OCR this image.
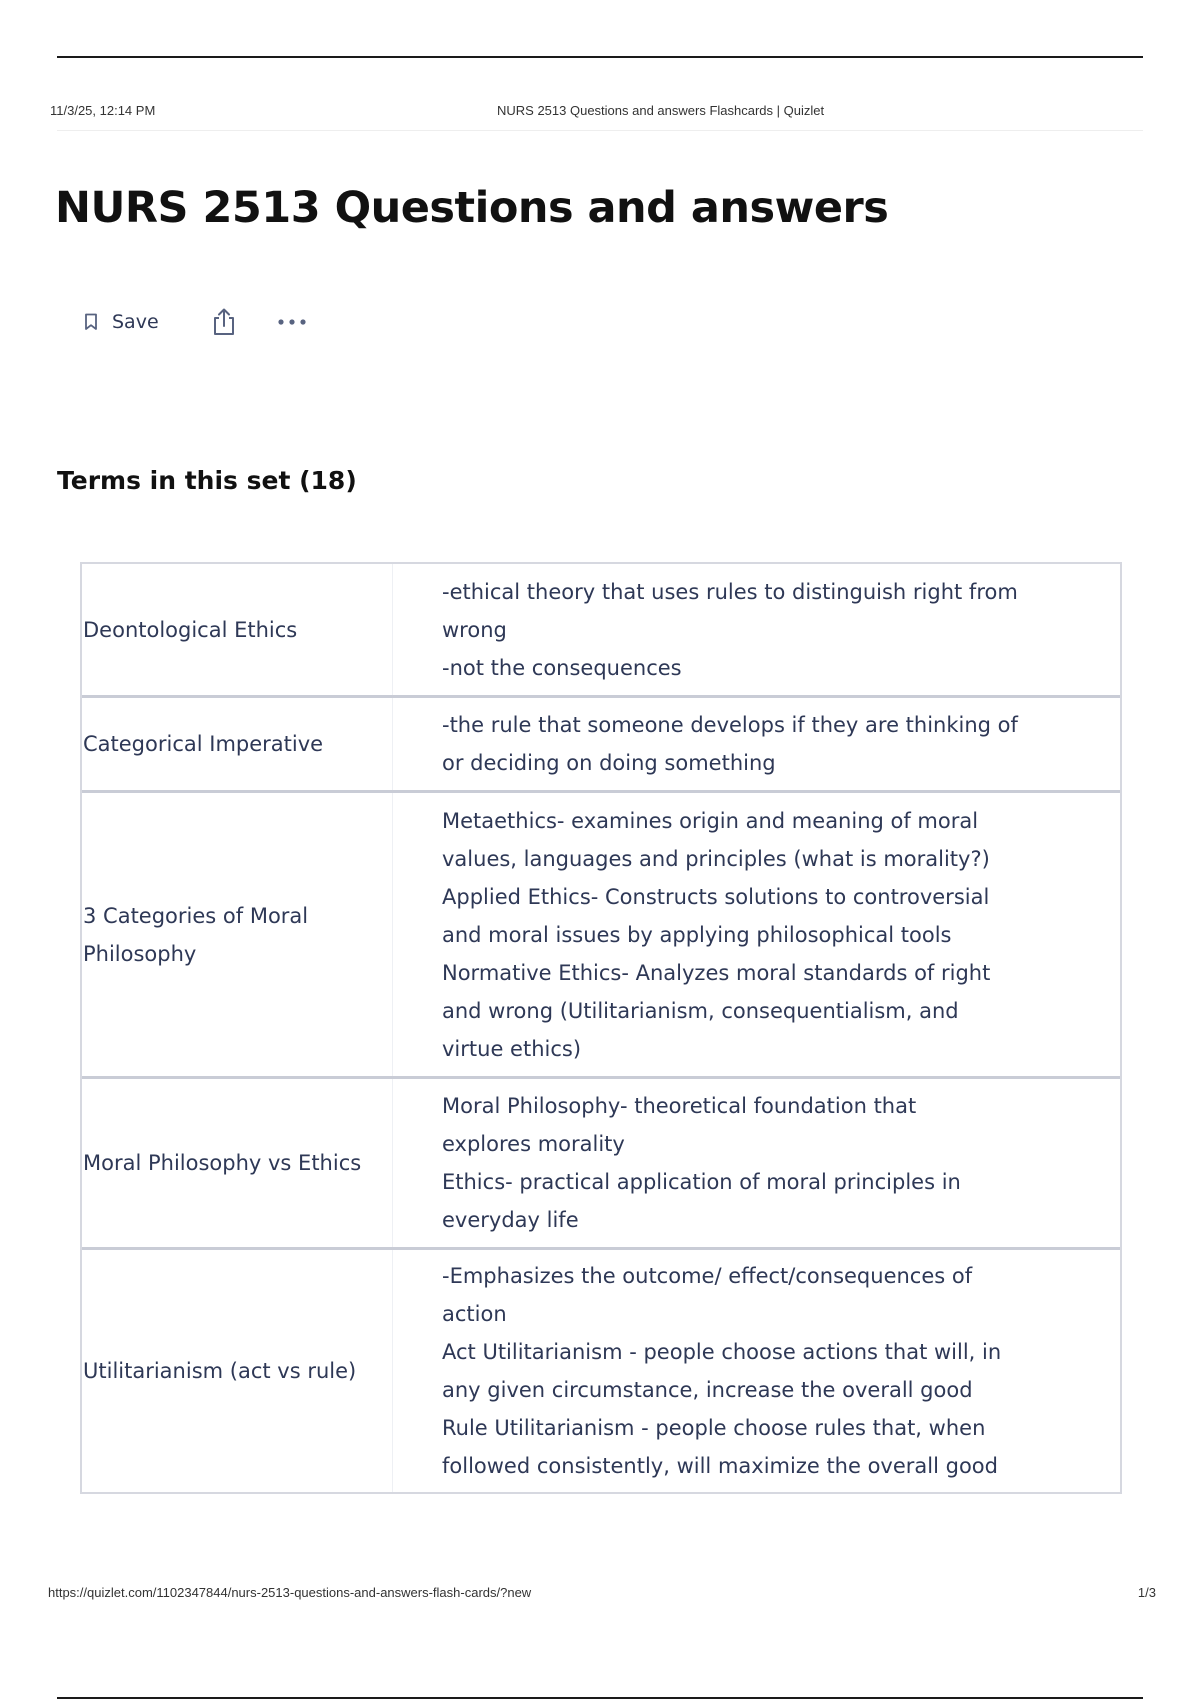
11/3/25, 12:14 PM	NURS 2513 Questions and answers Flashcards | Quizlet
NURS 2513 Questions and answers
Save
Terms in this set (18)
Deontological Ethics
-ethical theory that uses rules to distinguish right from
wrong
-not the consequences
Categorical Imperative
-the rule that someone develops if they are thinking of
or deciding on doing something
3 Categories of Moral
Philosophy
Metaethics- examines origin and meaning of moral
values, languages and principles (what is morality?)
Applied Ethics- Constructs solutions to controversial
and moral issues by applying philosophical tools
Normative Ethics- Analyzes moral standards of right
and wrong (Utilitarianism, consequentialism, and
virtue ethics)
Moral Philosophy vs Ethics
Moral Philosophy- theoretical foundation that
explores morality
Ethics- practical application of moral principles in
everyday life
Utilitarianism (act vs rule)
-Emphasizes the outcome/ effect/consequences of
action
Act Utilitarianism - people choose actions that will, in
any given circumstance, increase the overall good
Rule Utilitarianism - people choose rules that, when
followed consistently, will maximize the overall good
https://quizlet.com/1102347844/nurs-2513-questions-and-answers-flash-cards/?new	1/3
